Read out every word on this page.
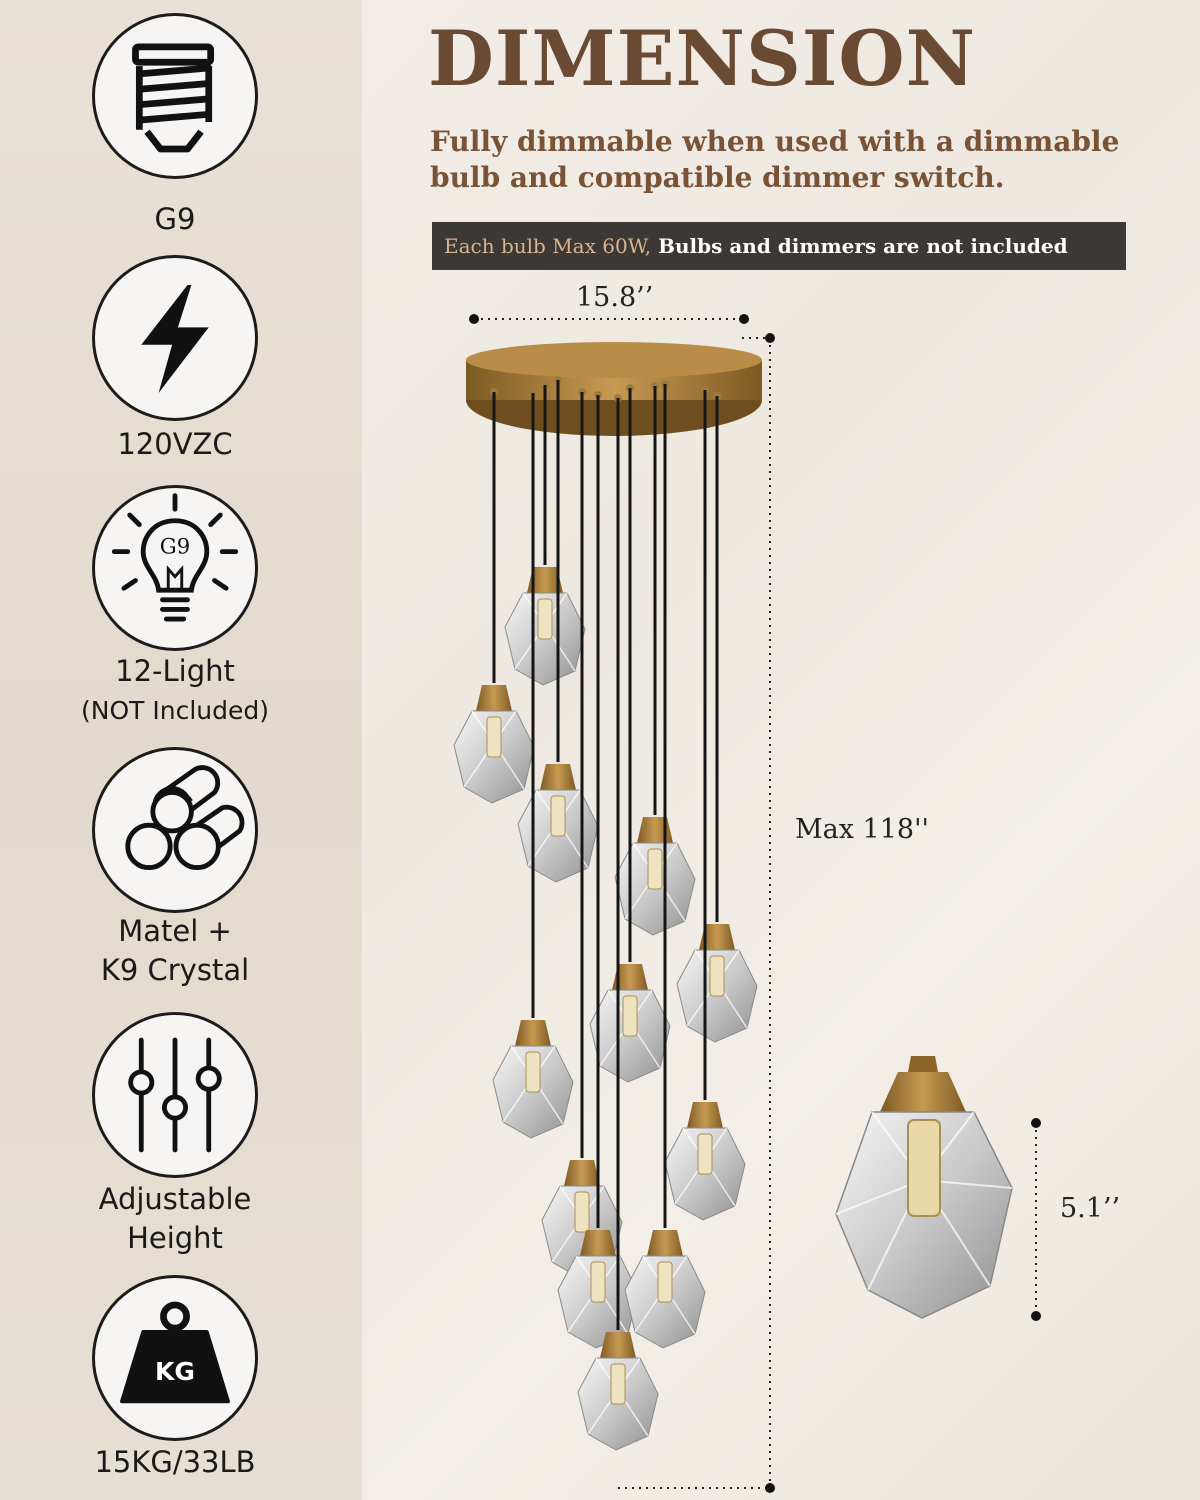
G9
120VZC
G9
12-Light
(NOT Included)
Matel +
K9 Crystal
Adjustable
Height
KG
15KG/33LB
DIMENSION
Fully dimmable when used with a dimmable
bulb and compatible dimmer switch.
Each bulb Max 60W, Bulbs and dimmers are not included
15.8’’
Max 118''
5.1’’
